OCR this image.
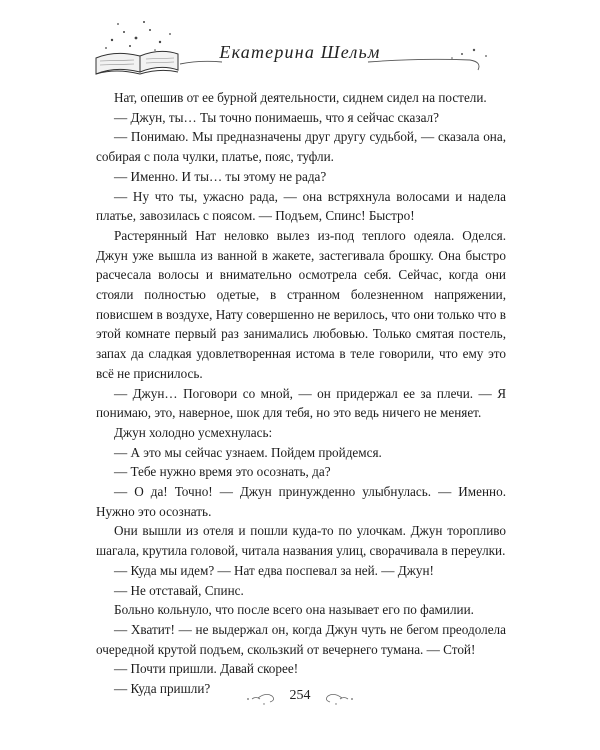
Екатерина Шельм

Нат, опешив от ее бурной деятельности, сиднем сидел на постели.

— Джун, ты… Ты точно понимаешь, что я сейчас сказал?

— Понимаю. Мы предназначены друг другу судьбой, — сказала она, собирая с пола чулки, платье, пояс, туфли.

— Именно. И ты… ты этому не рада?

— Ну что ты, ужасно рада, — она встряхнула волосами и надела платье, завозилась с поясом. — Подъем, Спинс! Быстро!

Растерянный Нат неловко вылез из-под теплого одеяла. Оделся. Джун уже вышла из ванной в жакете, застегивала брошку. Она быстро расчесала волосы и внимательно осмотрела себя. Сейчас, когда они стояли полностью одетые, в странном болезненном напряжении, повисшем в воздухе, Нату совершенно не верилось, что они только что в этой комнате первый раз занимались любовью. Только смятая постель, запах да сладкая удовлетворенная истома в теле говорили, что ему это всё не приснилось.

— Джун… Поговори со мной, — он придержал ее за плечи. — Я понимаю, это, наверное, шок для тебя, но это ведь ничего не меняет.

Джун холодно усмехнулась:

— А это мы сейчас узнаем. Пойдем пройдемся.

— Тебе нужно время это осознать, да?

— О да! Точно! — Джун принужденно улыбнулась. — Именно. Нужно это осознать.

Они вышли из отеля и пошли куда-то по улочкам. Джун торопливо шагала, крутила головой, читала названия улиц, сворачивала в переулки.

— Куда мы идем? — Нат едва поспевал за ней. — Джун!

— Не отставай, Спинс.

Больно кольнуло, что после всего она называет его по фамилии.

— Хватит! — не выдержал он, когда Джун чуть не бегом преодолела очередной крутой подъем, скользкий от вечернего тумана. — Стой!

— Почти пришли. Давай скорее!

— Куда пришли?	254
